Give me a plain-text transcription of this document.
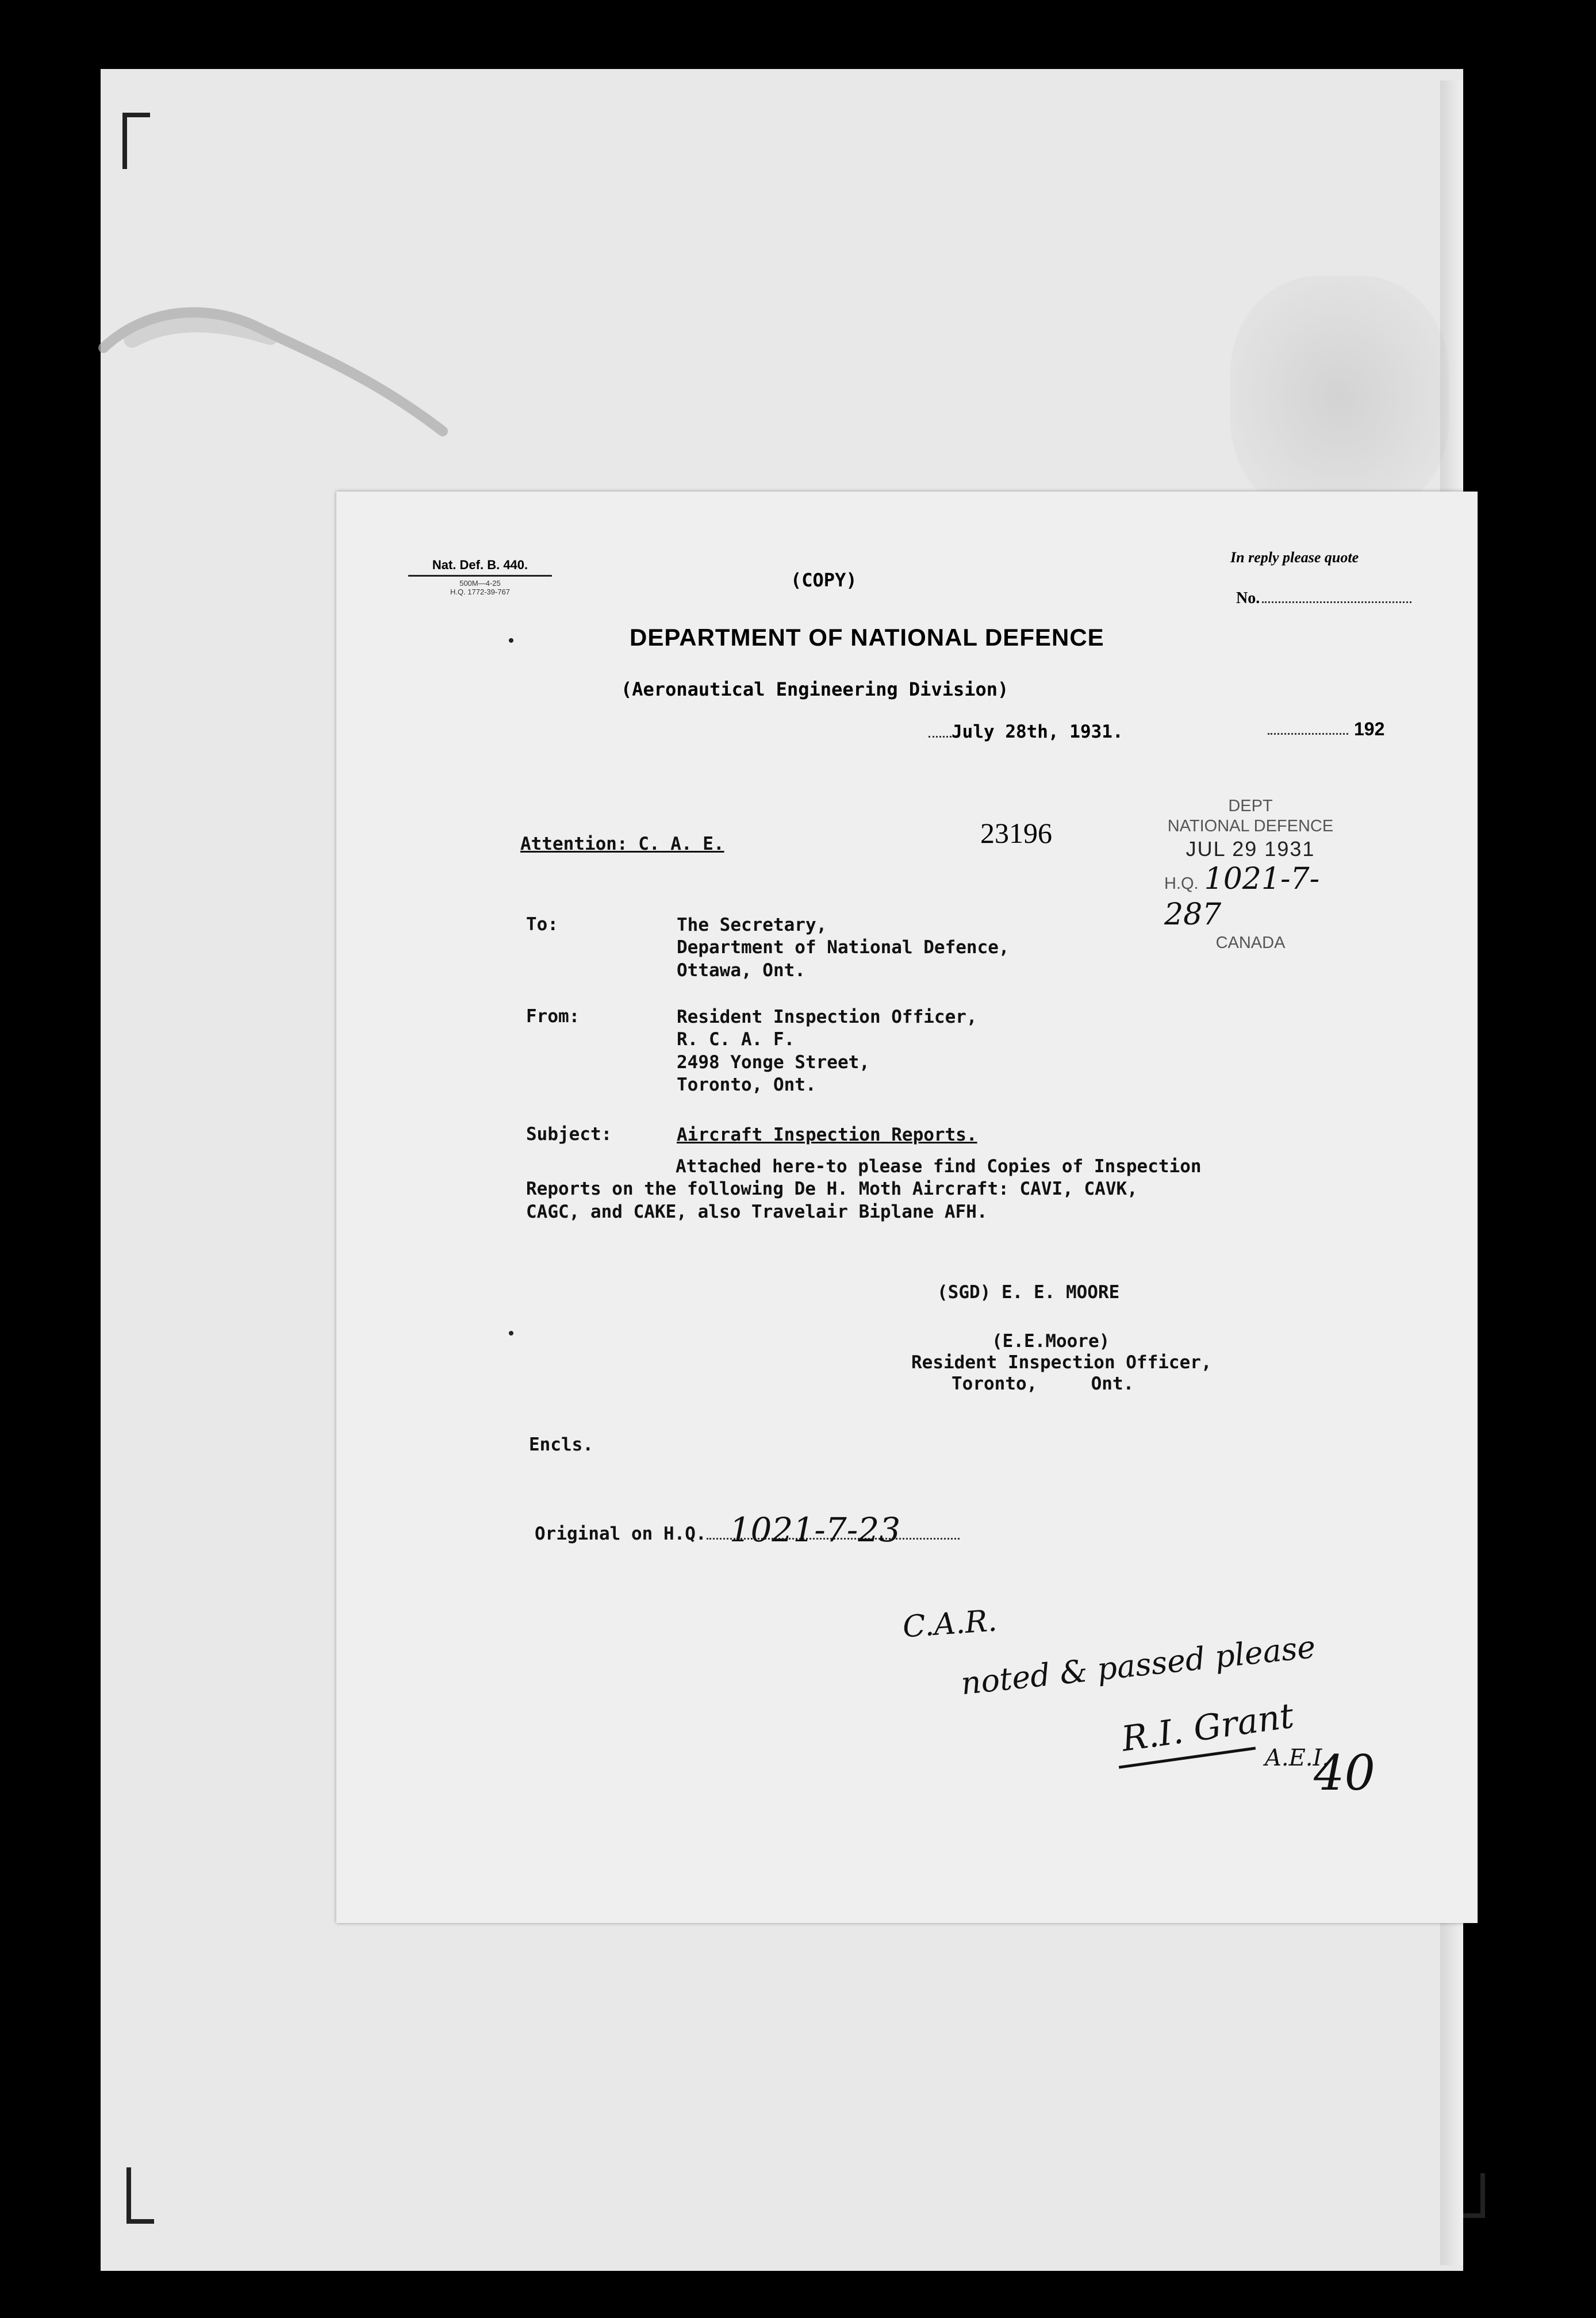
Nat. Def. B. 440.
500M—4-25
H.Q. 1772-39-767
(COPY)
In reply please quote
No.
DEPARTMENT OF NATIONAL DEFENCE
(Aeronautical Engineering Division)
July 28th, 1931.	192
Attention: C. A. E.	23196
DEPT
NATIONAL DEFENCE
JUL 29 1931
H.Q. 1021-7-287
CANADA
To:	The Secretary,
Department of National Defence,
Ottawa, Ont.
From:	Resident Inspection Officer,
R. C. A. F.
2498 Yonge Street,
Toronto, Ont.
Subject:	Aircraft Inspection Reports.
Attached here-to please find Copies of Inspection
Reports on the following De H. Moth Aircraft: CAVI, CAVK,
CAGC, and CAKE, also Travelair Biplane AFH.
(SGD) E. E. MOORE
(E.E.Moore)
Resident Inspection Officer,
Toronto,     Ont.
Encls.
Original on H.Q. 1021-7-23
C.A.R.
noted & passed please
R.I. Grant
A.E.I.
40
